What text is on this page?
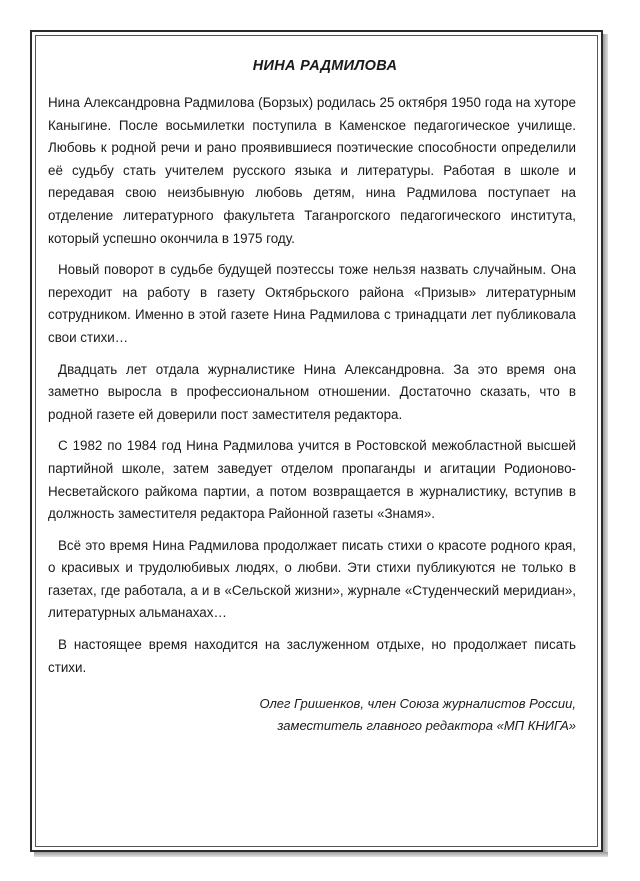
НИНА РАДМИЛОВА

Нина Александровна Радмилова (Борзых) родилась 25 октября 1950 года на хуторе Каныгине. После восьмилетки поступила в Каменское педагогическое училище. Любовь к родной речи и рано проявившиеся поэтические способности определили её судьбу стать учителем русского языка и литературы. Работая в школе и передавая свою неизбывную любовь детям, нина Радмилова поступает на отделение литературного факультета Таганрогского педагогического института, который успешно окончила в 1975 году.

Новый поворот в судьбе будущей поэтессы тоже нельзя назвать случайным. Она переходит на работу в газету Октябрьского района «Призыв» литературным сотрудником. Именно в этой газете Нина Радмилова с тринадцати лет публиковала свои стихи…

Двадцать лет отдала журналистике Нина Александровна. За это время она заметно выросла в профессиональном отношении. Достаточно сказать, что в родной газете ей доверили пост заместителя редактора.

С 1982 по 1984 год Нина Радмилова учится в Ростовской межобластной высшей партийной школе, затем заведует отделом пропаганды и агитации Родионово-Несветайского райкома партии, а потом возвращается в журналистику, вступив в должность заместителя редактора Районной газеты «Знамя».

Всё это время Нина Радмилова продолжает писать стихи о красоте родного края, о красивых и трудолюбивых людях, о любви. Эти стихи публикуются не только в газетах, где работала, а и в «Сельской жизни», журнале «Студенческий меридиан», литературных альманахах…

В настоящее время находится на заслуженном отдыхе, но продолжает писать стихи.

Олег Гришенков, член Союза журналистов России,
заместитель главного редактора «МП КНИГА»
